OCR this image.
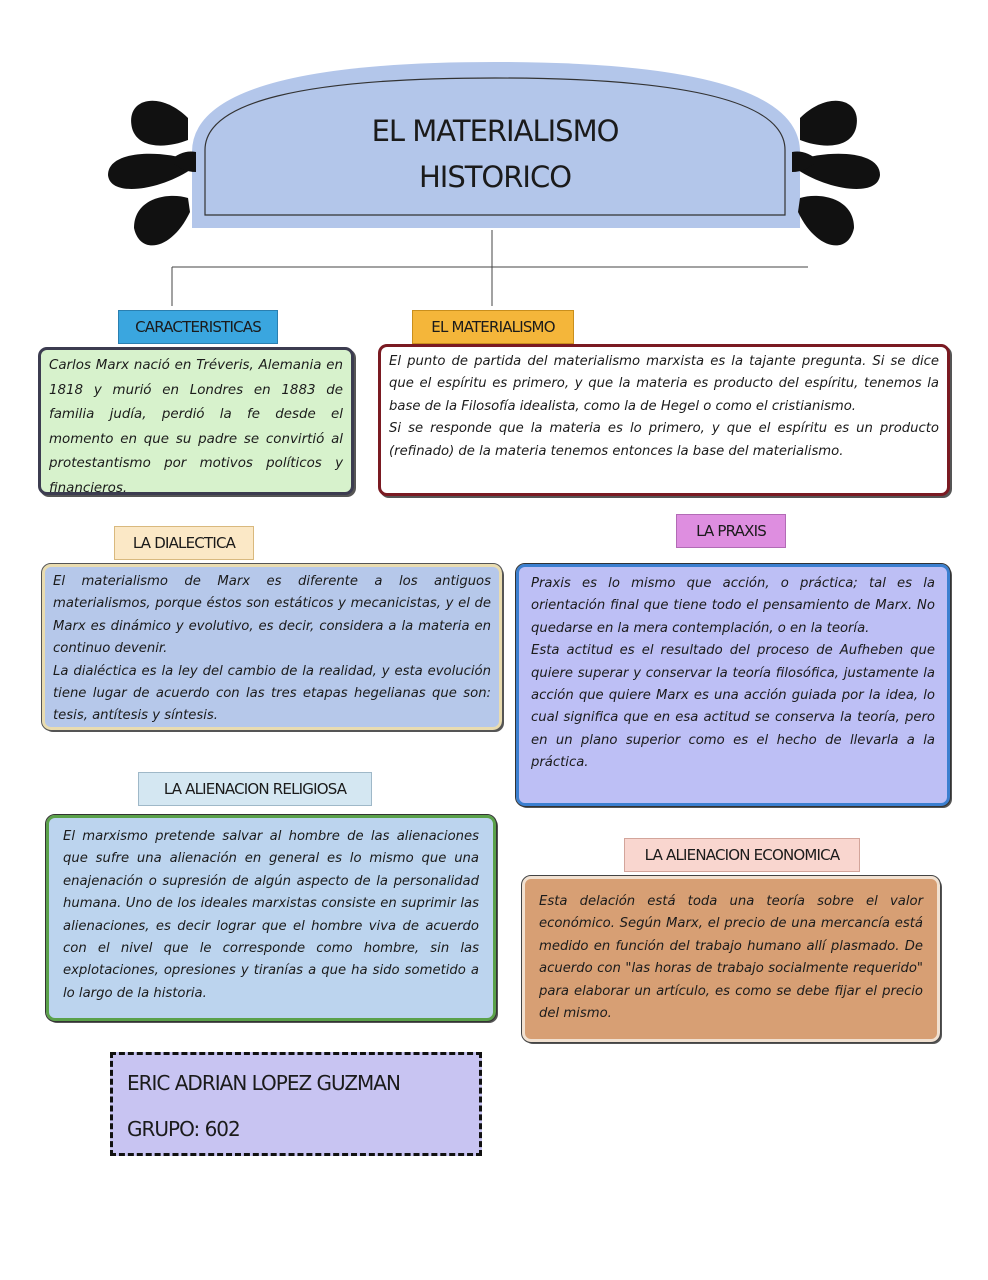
EL MATERIALISMO
HISTORICO
CARACTERISTICAS

Carlos Marx nació en Tréveris, Alemania en 1818 y murió en Londres en 1883 de familia judía, perdió la fe desde el momento en que su padre se convirtió al protestantismo por motivos políticos y financieros.

EL MATERIALISMO

El punto de partida del materialismo marxista es la tajante pregunta. Si se dice que el espíritu es primero, y que la materia es producto del espíritu, tenemos la base de la Filosofía idealista, como la de Hegel o como el cristianismo.

Si se responde que la materia es lo primero, y que el espíritu es un producto (refinado) de la materia tenemos entonces la base del materialismo.

LA DIALECTICA

El materialismo de Marx es diferente a los antiguos materialismos, porque éstos son estáticos y mecanicistas, y el de Marx es dinámico y evolutivo, es decir, considera a la materia en continuo devenir.

La dialéctica es la ley del cambio de la realidad, y esta evolución tiene lugar de acuerdo con las tres etapas hegelianas que son: tesis, antítesis y síntesis.

LA PRAXIS

Praxis es lo mismo que acción, o práctica; tal es la orientación final que tiene todo el pensamiento de Marx. No quedarse en la mera contemplación, o en la teoría.

Esta actitud es el resultado del proceso de Aufheben que quiere superar y conservar la teoría filosófica, justamente la acción que quiere Marx es una acción guiada por la idea, lo cual significa que en esa actitud se conserva la teoría, pero en un plano superior como es el hecho de llevarla a la práctica.

LA ALIENACION RELIGIOSA

El marxismo pretende salvar al hombre de las alienaciones que sufre una alienación en general es lo mismo que una enajenación o supresión de algún aspecto de la personalidad humana. Uno de los ideales marxistas consiste en suprimir las alienaciones, es decir lograr que el hombre viva de acuerdo con el nivel que le corresponde como hombre, sin las explotaciones, opresiones y tiranías a que ha sido sometido a lo largo de la historia.

LA ALIENACION ECONOMICA

Esta delación está toda una teoría sobre el valor económico. Según Marx, el precio de una mercancía está medido en función del trabajo humano allí plasmado. De acuerdo con "las horas de trabajo socialmente requerido" para elaborar un artículo, es como se debe fijar el precio del mismo.

ERIC ADRIAN LOPEZ GUZMAN
GRUPO: 602
